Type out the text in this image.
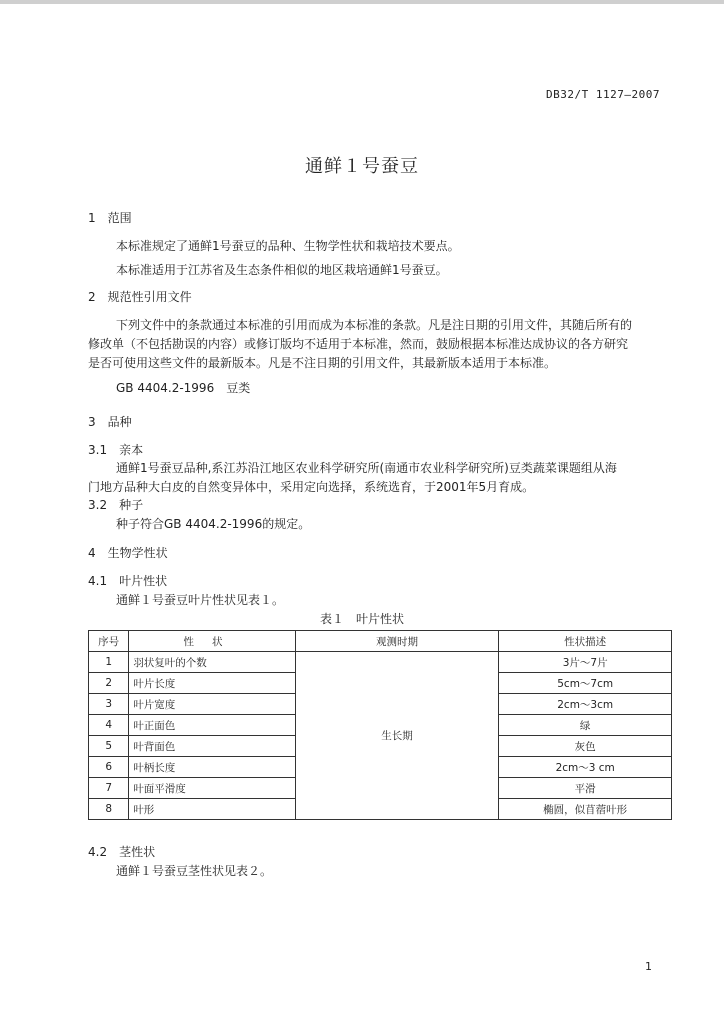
DB32/T 1127—2007
通鲜１号蚕豆
1　范围
本标准规定了通鲜1号蚕豆的品种、生物学性状和栽培技术要点。
本标准适用于江苏省及生态条件相似的地区栽培通鲜1号蚕豆。
2　规范性引用文件
下列文件中的条款通过本标准的引用而成为本标准的条款。凡是注日期的引用文件，其随后所有的
修改单（不包括勘误的内容）或修订版均不适用于本标准，然而，鼓励根据本标准达成协议的各方研究
是否可使用这些文件的最新版本。凡是不注日期的引用文件，其最新版本适用于本标准。
GB 4404.2-1996　豆类
3　品种
3.1　亲本
通鲜1号蚕豆品种,系江苏沿江地区农业科学研究所(南通市农业科学研究所)豆类蔬菜课题组从海
门地方品种大白皮的自然变异体中，采用定向选择，系统选育，于2001年5月育成。
3.2　种子
种子符合GB 4404.2-1996的规定。
4　生物学性状
4.1　叶片性状
通鲜１号蚕豆叶片性状见表１。
表１　叶片性状
序号	性状	观测时期	性状描述
1	羽状复叶的个数	生长期	3片～7片
2	叶片长度		5cm～7cm
3	叶片宽度		2cm～3cm
4	叶正面色		绿
5	叶背面色		灰色
6	叶柄长度		2cm～3 cm
7	叶面平滑度		平滑
8	叶形		椭圆，似苜蓿叶形
4.2　茎性状
通鲜１号蚕豆茎性状见表２。
1
